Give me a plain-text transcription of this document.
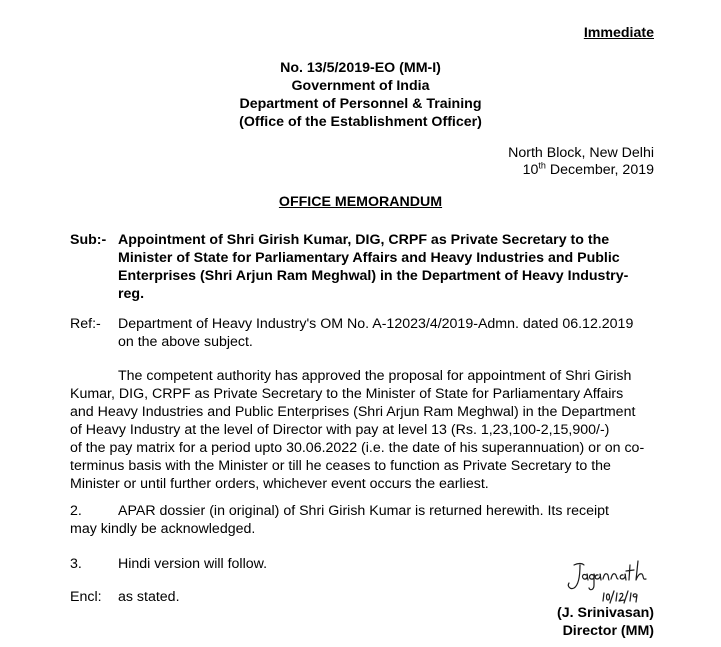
Immediate
No. 13/5/2019-EO (MM-I)
Government of India
Department of Personnel & Training
(Office of the Establishment Officer)
North Block, New Delhi
10th December, 2019
OFFICE MEMORANDUM
Sub:- Appointment of Shri Girish Kumar, DIG, CRPF as Private Secretary to the
Minister of State for Parliamentary Affairs and Heavy Industries and Public
Enterprises (Shri Arjun Ram Meghwal) in the Department of Heavy Industry-
reg.
Ref:- Department of Heavy Industry's OM No. A-12023/4/2019-Admn. dated 06.12.2019
on the above subject.
The competent authority has approved the proposal for appointment of Shri Girish
Kumar, DIG, CRPF as Private Secretary to the Minister of State for Parliamentary Affairs
and Heavy Industries and Public Enterprises (Shri Arjun Ram Meghwal) in the Department
of Heavy Industry at the level of Director with pay at level 13 (Rs. 1,23,100-2,15,900/-)
of the pay matrix for a period upto 30.06.2022 (i.e. the date of his superannuation) or on co-
terminus basis with the Minister or till he ceases to function as Private Secretary to the
Minister or until further orders, whichever event occurs the earliest.
2.	APAR dossier (in original) of Shri Girish Kumar is returned herewith. Its receipt
may kindly be acknowledged.
3.	Hindi version will follow.
Encl: as stated.
(J. Srinivasan)
Director (MM)
